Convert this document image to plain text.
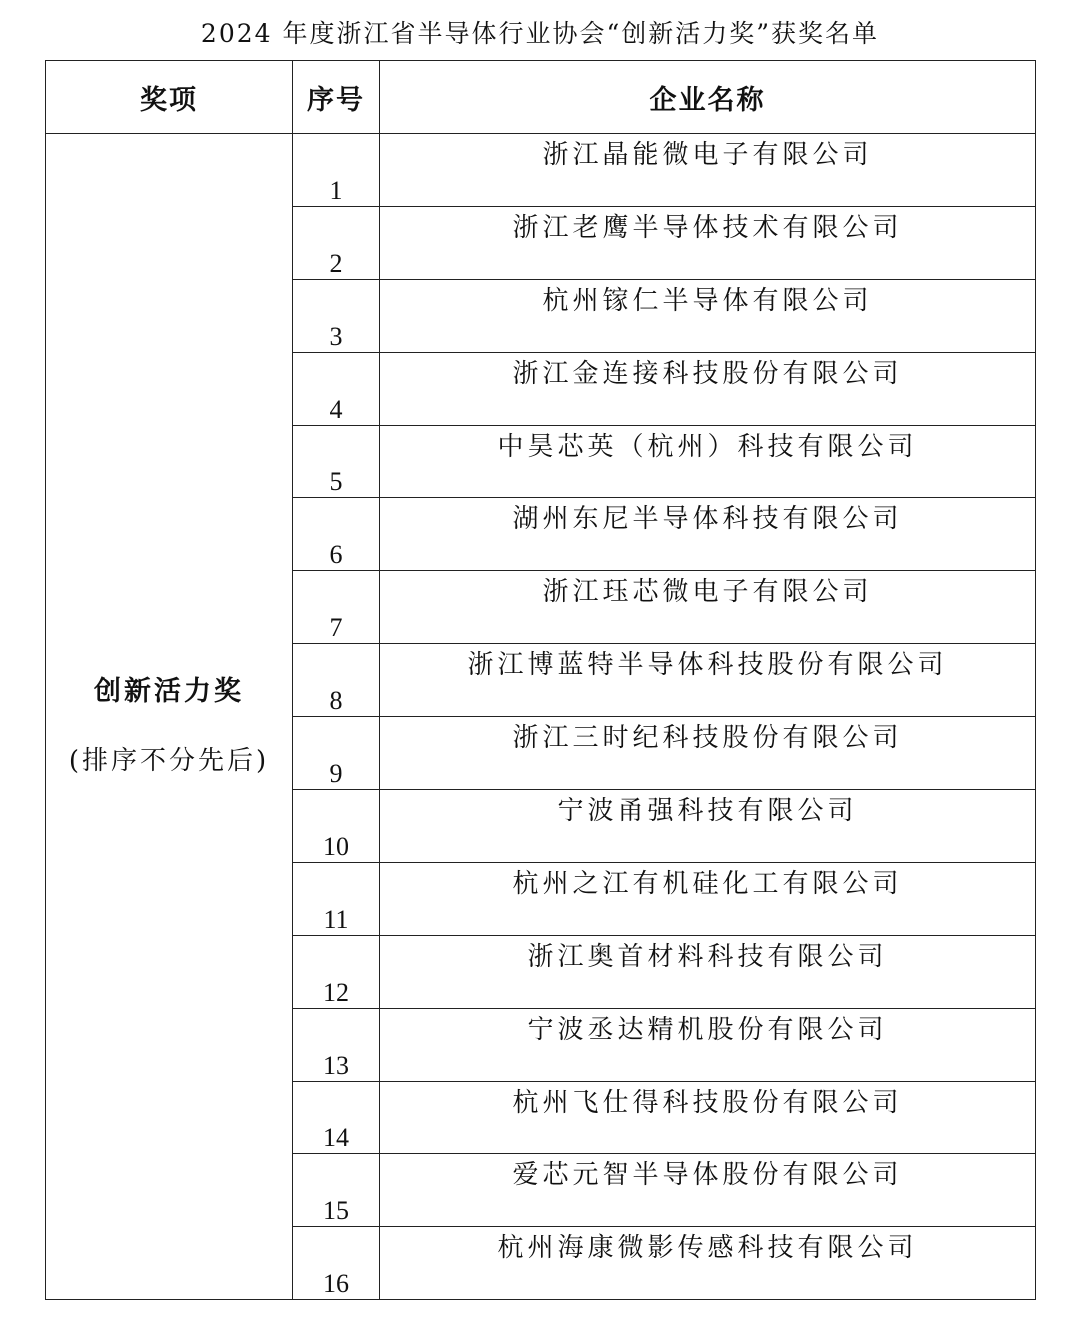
2024 年度浙江省半导体行业协会“创新活力奖”获奖名单
奖项	序号	企业名称

创新活力奖
(排序不分先后)	1	浙江晶能微电子有限公司
	2	浙江老鹰半导体技术有限公司
	3	杭州镓仁半导体有限公司
	4	浙江金连接科技股份有限公司
	5	中昊芯英（杭州）科技有限公司
	6	湖州东尼半导体科技有限公司
	7	浙江珏芯微电子有限公司
	8	浙江博蓝特半导体科技股份有限公司
	9	浙江三时纪科技股份有限公司
	10	宁波甬强科技有限公司
	11	杭州之江有机硅化工有限公司
	12	浙江奥首材料科技有限公司
	13	宁波丞达精机股份有限公司
	14	杭州飞仕得科技股份有限公司
	15	爱芯元智半导体股份有限公司
	16	杭州海康微影传感科技有限公司
